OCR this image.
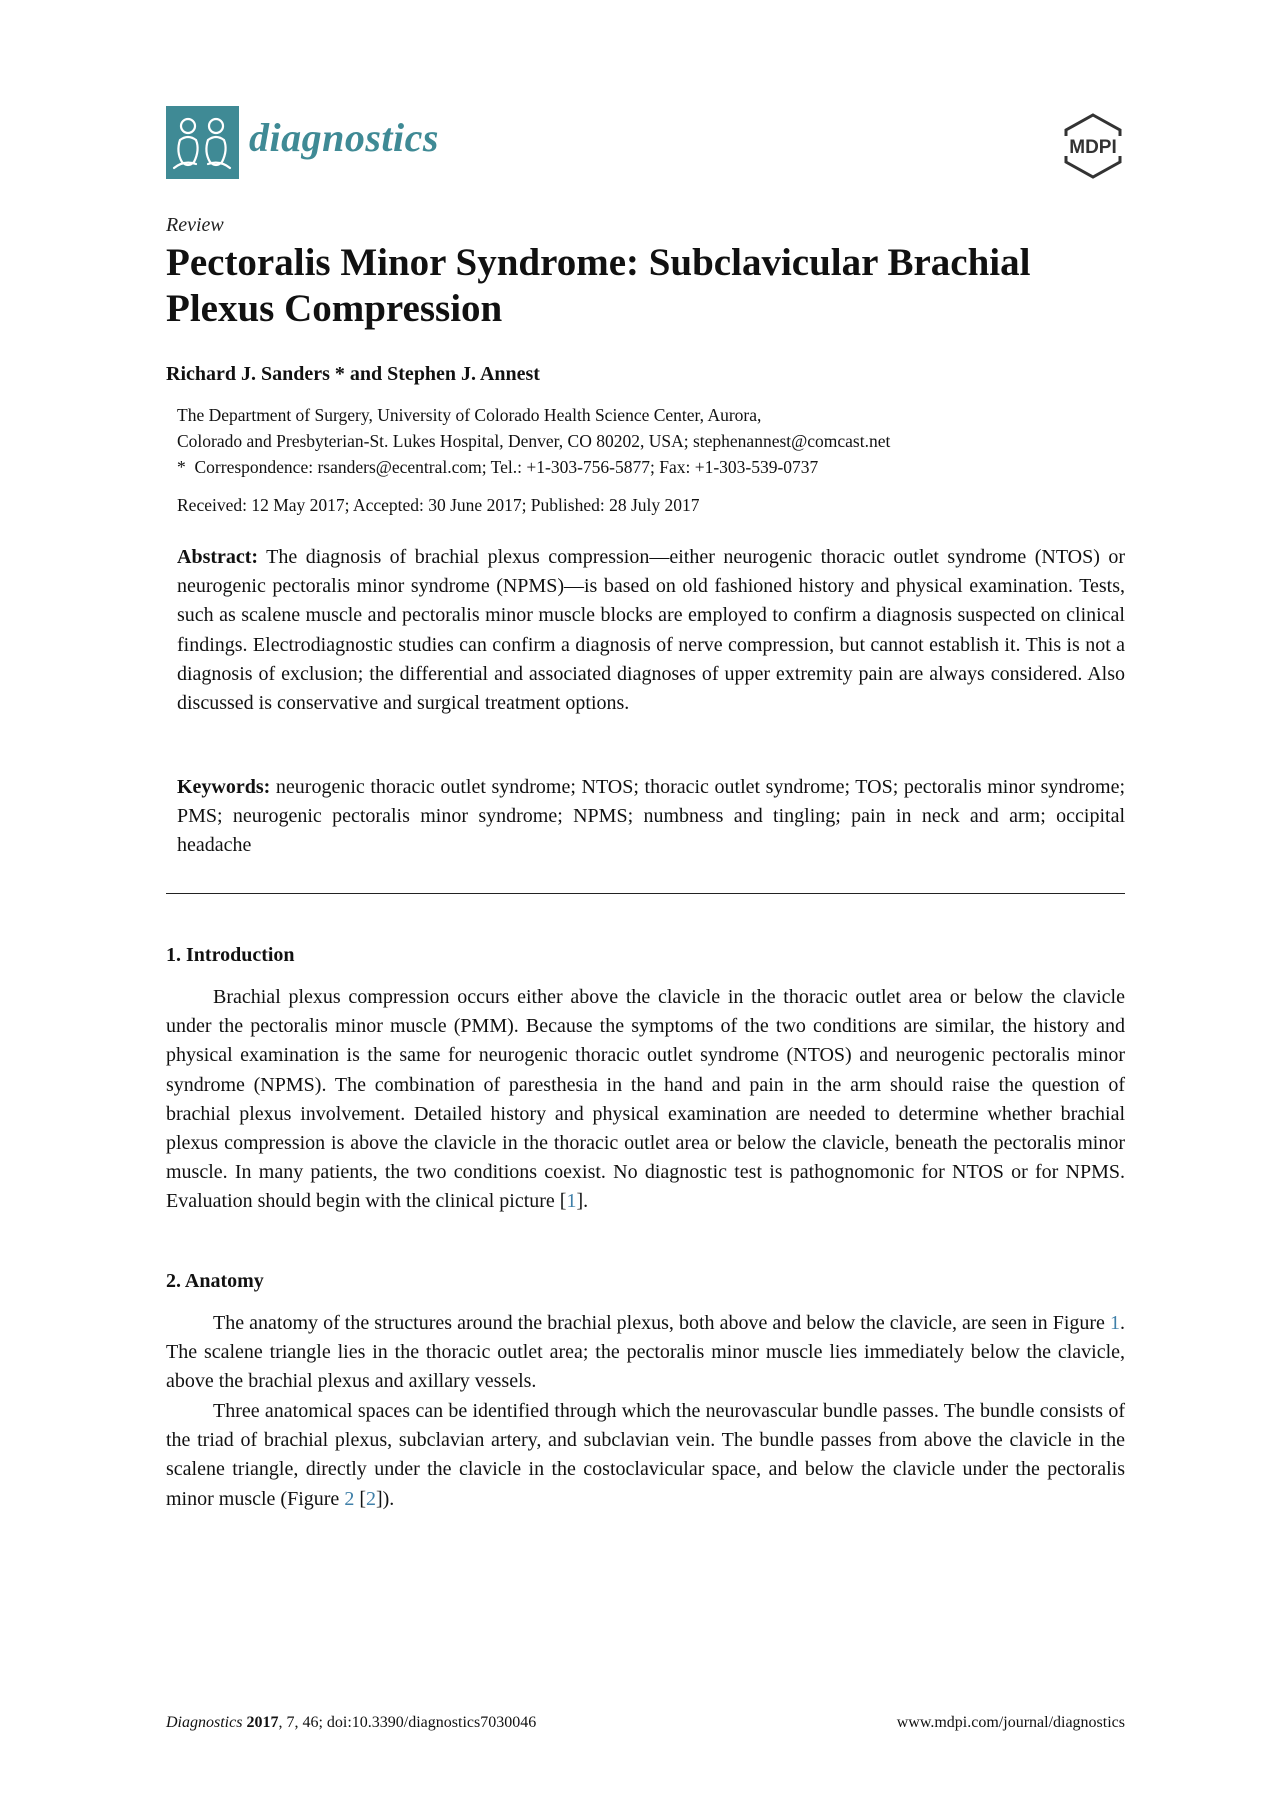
diagnostics	MDPI
Review
Pectoralis Minor Syndrome: Subclavicular Brachial Plexus Compression
Richard J. Sanders * and Stephen J. Annest
The Department of Surgery, University of Colorado Health Science Center, Aurora,
Colorado and Presbyterian-St. Lukes Hospital, Denver, CO 80202, USA; stephenannest@comcast.net
* Correspondence: rsanders@ecentral.com; Tel.: +1-303-756-5877; Fax: +1-303-539-0737
Received: 12 May 2017; Accepted: 30 June 2017; Published: 28 July 2017

Abstract: The diagnosis of brachial plexus compression—either neurogenic thoracic outlet syndrome (NTOS) or neurogenic pectoralis minor syndrome (NPMS)—is based on old fashioned history and physical examination. Tests, such as scalene muscle and pectoralis minor muscle blocks are employed to confirm a diagnosis suspected on clinical findings. Electrodiagnostic studies can confirm a diagnosis of nerve compression, but cannot establish it. This is not a diagnosis of exclusion; the differential and associated diagnoses of upper extremity pain are always considered. Also discussed is conservative and surgical treatment options.

Keywords: neurogenic thoracic outlet syndrome; NTOS; thoracic outlet syndrome; TOS; pectoralis minor syndrome; PMS; neurogenic pectoralis minor syndrome; NPMS; numbness and tingling; pain in neck and arm; occipital headache

1. Introduction

Brachial plexus compression occurs either above the clavicle in the thoracic outlet area or below the clavicle under the pectoralis minor muscle (PMM). Because the symptoms of the two conditions are similar, the history and physical examination is the same for neurogenic thoracic outlet syndrome (NTOS) and neurogenic pectoralis minor syndrome (NPMS). The combination of paresthesia in the hand and pain in the arm should raise the question of brachial plexus involvement. Detailed history and physical examination are needed to determine whether brachial plexus compression is above the clavicle in the thoracic outlet area or below the clavicle, beneath the pectoralis minor muscle. In many patients, the two conditions coexist. No diagnostic test is pathognomonic for NTOS or for NPMS. Evaluation should begin with the clinical picture [1].

2. Anatomy

The anatomy of the structures around the brachial plexus, both above and below the clavicle, are seen in Figure 1. The scalene triangle lies in the thoracic outlet area; the pectoralis minor muscle lies immediately below the clavicle, above the brachial plexus and axillary vessels.

Three anatomical spaces can be identified through which the neurovascular bundle passes. The bundle consists of the triad of brachial plexus, subclavian artery, and subclavian vein. The bundle passes from above the clavicle in the scalene triangle, directly under the clavicle in the costoclavicular space, and below the clavicle under the pectoralis minor muscle (Figure 2 [2]).

Diagnostics 2017, 7, 46; doi:10.3390/diagnostics7030046	www.mdpi.com/journal/diagnostics
